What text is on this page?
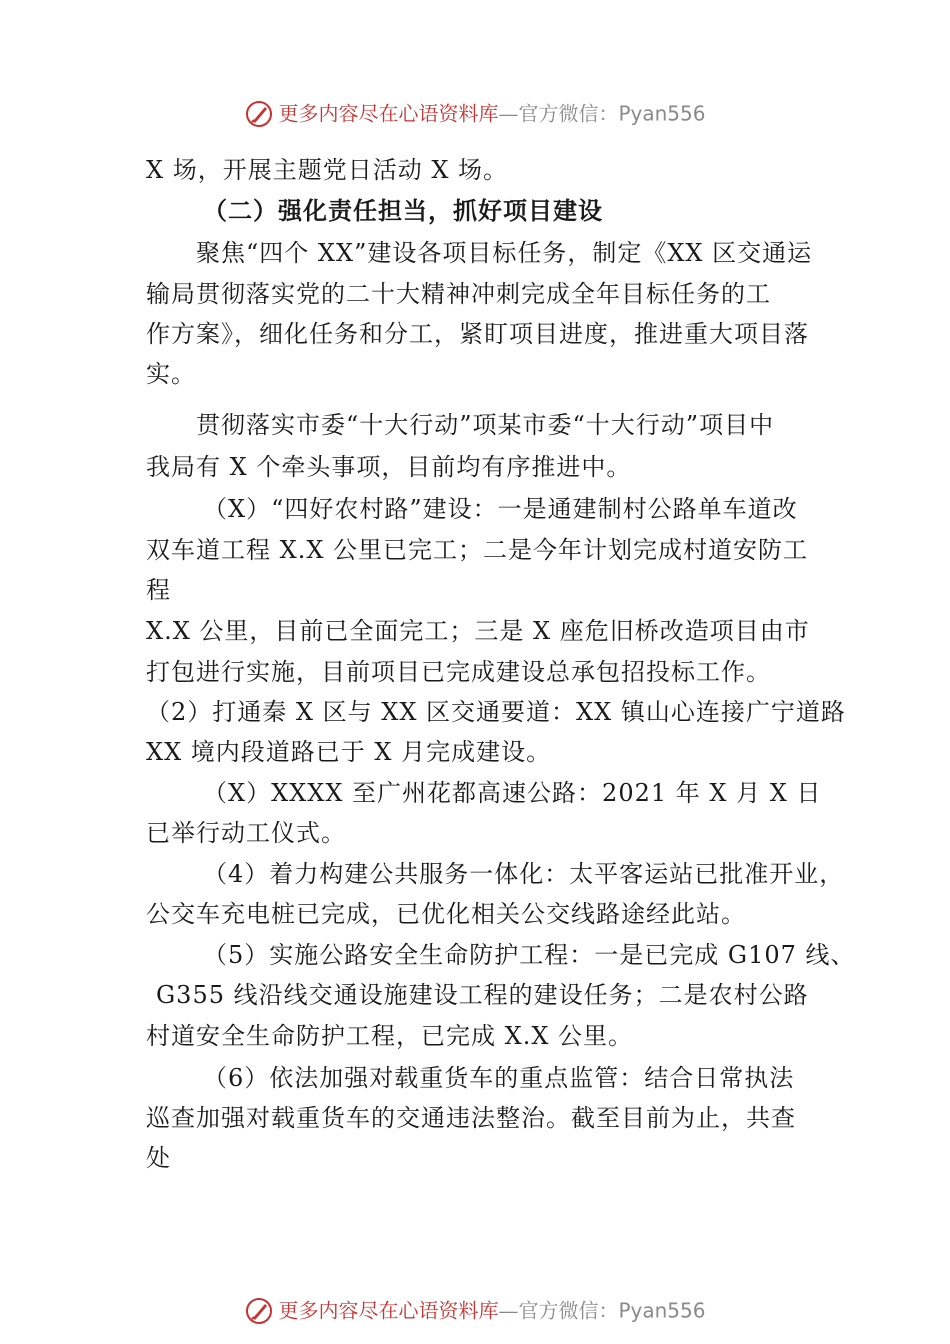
更多内容尽在心语资料库—官方微信：Pyan556
X 场，开展主题党日活动 X 场。
（二）强化责任担当，抓好项目建设
聚焦“四个 XX”建设各项目标任务，制定《XX 区交通运
输局贯彻落实党的二十大精神冲刺完成全年目标任务的工
作方案》，细化任务和分工，紧盯项目进度，推进重大项目落
实。
贯彻落实市委“十大行动”项某市委“十大行动”项目中
我局有 X 个牵头事项，目前均有序推进中。
（X）“四好农村路”建设：一是通建制村公路单车道改
双车道工程 X.X 公里已完工；二是今年计划完成村道安防工
程
X.X 公里，目前已全面完工；三是 X 座危旧桥改造项目由市
打包进行实施，目前项目已完成建设总承包招投标工作。
（2）打通秦 X 区与 XX 区交通要道：XX 镇山心连接广宁道路
XX 境内段道路已于 X 月完成建设。
（X）XXXX 至广州花都高速公路：2021 年 X 月 X 日
已举行动工仪式。
（4）着力构建公共服务一体化：太平客运站已批准开业，
公交车充电桩已完成，已优化相关公交线路途经此站。
（5）实施公路安全生命防护工程：一是已完成 G107 线、
G355 线沿线交通设施建设工程的建设任务；二是农村公路
村道安全生命防护工程，已完成 X.X 公里。
（6）依法加强对载重货车的重点监管：结合日常执法
巡查加强对载重货车的交通违法整治。截至目前为止，共查
处
更多内容尽在心语资料库—官方微信：Pyan556
